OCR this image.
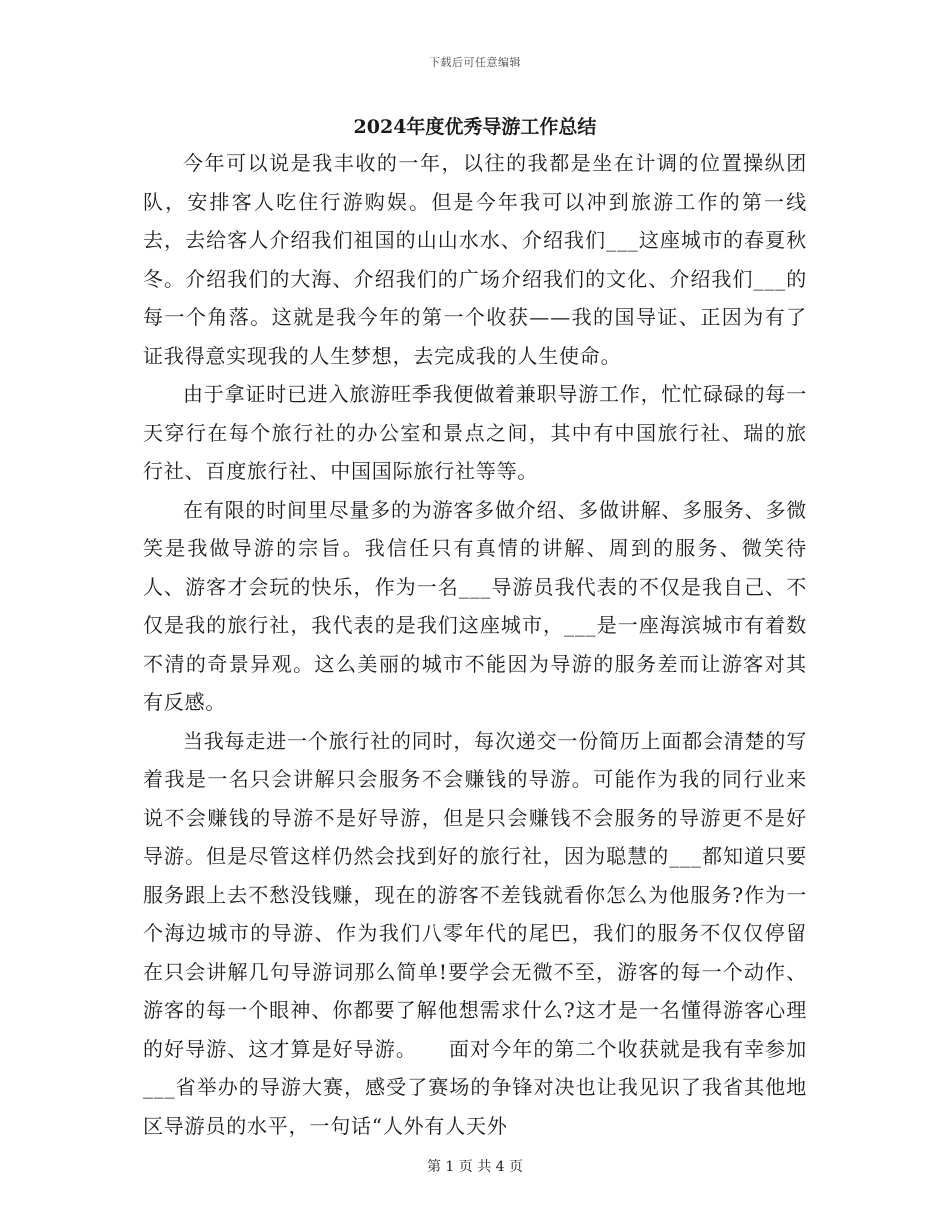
下载后可任意编辑
2024年度优秀导游工作总结

今年可以说是我丰收的一年，以往的我都是坐在计调的位置操纵团队，安排客人吃住行游购娱。但是今年我可以冲到旅游工作的第一线去，去给客人介绍我们祖国的山山水水、介绍我们___这座城市的春夏秋冬。介绍我们的大海、介绍我们的广场介绍我们的文化、介绍我们___的每一个角落。这就是我今年的第一个收获——我的国导证、正因为有了证我得意实现我的人生梦想，去完成我的人生使命。

由于拿证时已进入旅游旺季我便做着兼职导游工作，忙忙碌碌的每一天穿行在每个旅行社的办公室和景点之间，其中有中国旅行社、瑞的旅行社、百度旅行社、中国国际旅行社等等。

在有限的时间里尽量多的为游客多做介绍、多做讲解、多服务、多微笑是我做导游的宗旨。我信任只有真情的讲解、周到的服务、微笑待人、游客才会玩的快乐，作为一名___导游员我代表的不仅是我自己、不仅是我的旅行社，我代表的是我们这座城市，___是一座海滨城市有着数不清的奇景异观。这么美丽的城市不能因为导游的服务差而让游客对其有反感。

当我每走进一个旅行社的同时，每次递交一份简历上面都会清楚的写着我是一名只会讲解只会服务不会赚钱的导游。可能作为我的同行业来说不会赚钱的导游不是好导游，但是只会赚钱不会服务的导游更不是好导游。但是尽管这样仍然会找到好的旅行社，因为聪慧的___都知道只要服务跟上去不愁没钱赚，现在的游客不差钱就看你怎么为他服务?作为一个海边城市的导游、作为我们八零年代的尾巴，我们的服务不仅仅停留在只会讲解几句导游词那么简单!要学会无微不至，游客的每一个动作、游客的每一个眼神、你都要了解他想需求什么?这才是一名懂得游客心理的好导游、这才算是好导游。　　面对今年的第二个收获就是我有幸参加___省举办的导游大赛，感受了赛场的争锋对决也让我见识了我省其他地区导游员的水平，一句话“人外有人天外

第 1 页 共 4 页
